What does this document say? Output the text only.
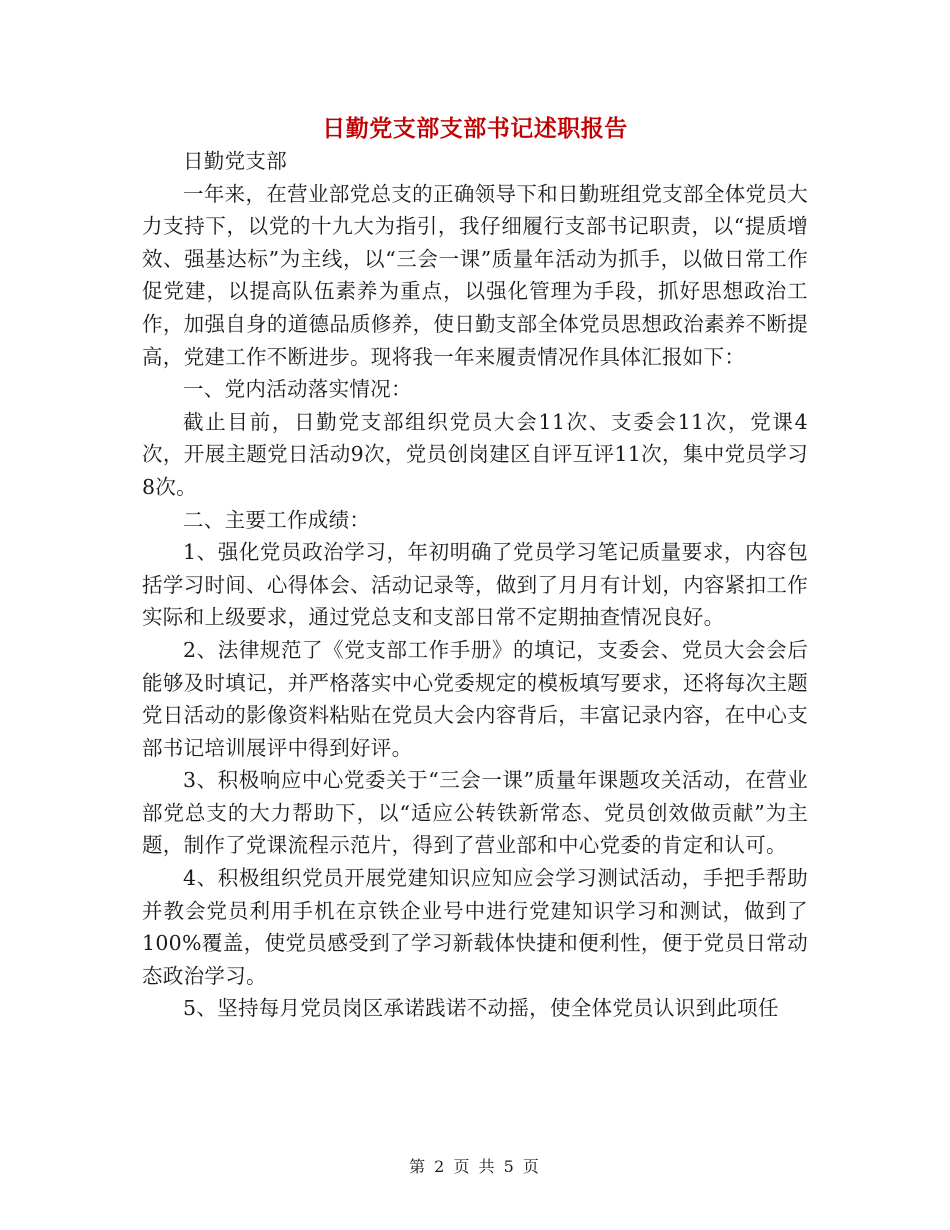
日勤党支部支部书记述职报告

日勤党支部

一年来，在营业部党总支的正确领导下和日勤班组党支部全体党员大力支持下，以党的十九大为指引，我仔细履行支部书记职责，以“提质增效、强基达标”为主线，以“三会一课”质量年活动为抓手，以做日常工作促党建，以提高队伍素养为重点，以强化管理为手段，抓好思想政治工作，加强自身的道德品质修养，使日勤支部全体党员思想政治素养不断提高，党建工作不断进步。现将我一年来履责情况作具体汇报如下：

一、党内活动落实情况：

截止目前，日勤党支部组织党员大会11次、支委会11次，党课4次，开展主题党日活动9次，党员创岗建区自评互评11次，集中党员学习8次。

二、主要工作成绩：

1、强化党员政治学习，年初明确了党员学习笔记质量要求，内容包括学习时间、心得体会、活动记录等，做到了月月有计划，内容紧扣工作实际和上级要求，通过党总支和支部日常不定期抽查情况良好。

2、法律规范了《党支部工作手册》的填记，支委会、党员大会会后能够及时填记，并严格落实中心党委规定的模板填写要求，还将每次主题党日活动的影像资料粘贴在党员大会内容背后，丰富记录内容，在中心支部书记培训展评中得到好评。

3、积极响应中心党委关于“三会一课”质量年课题攻关活动，在营业部党总支的大力帮助下，以“适应公转铁新常态、党员创效做贡献”为主题，制作了党课流程示范片，得到了营业部和中心党委的肯定和认可。

4、积极组织党员开展党建知识应知应会学习测试活动，手把手帮助并教会党员利用手机在京铁企业号中进行党建知识学习和测试，做到了100%覆盖，使党员感受到了学习新载体快捷和便利性，便于党员日常动态政治学习。

5、坚持每月党员岗区承诺践诺不动摇，使全体党员认识到此项任

第 2 页 共 5 页
